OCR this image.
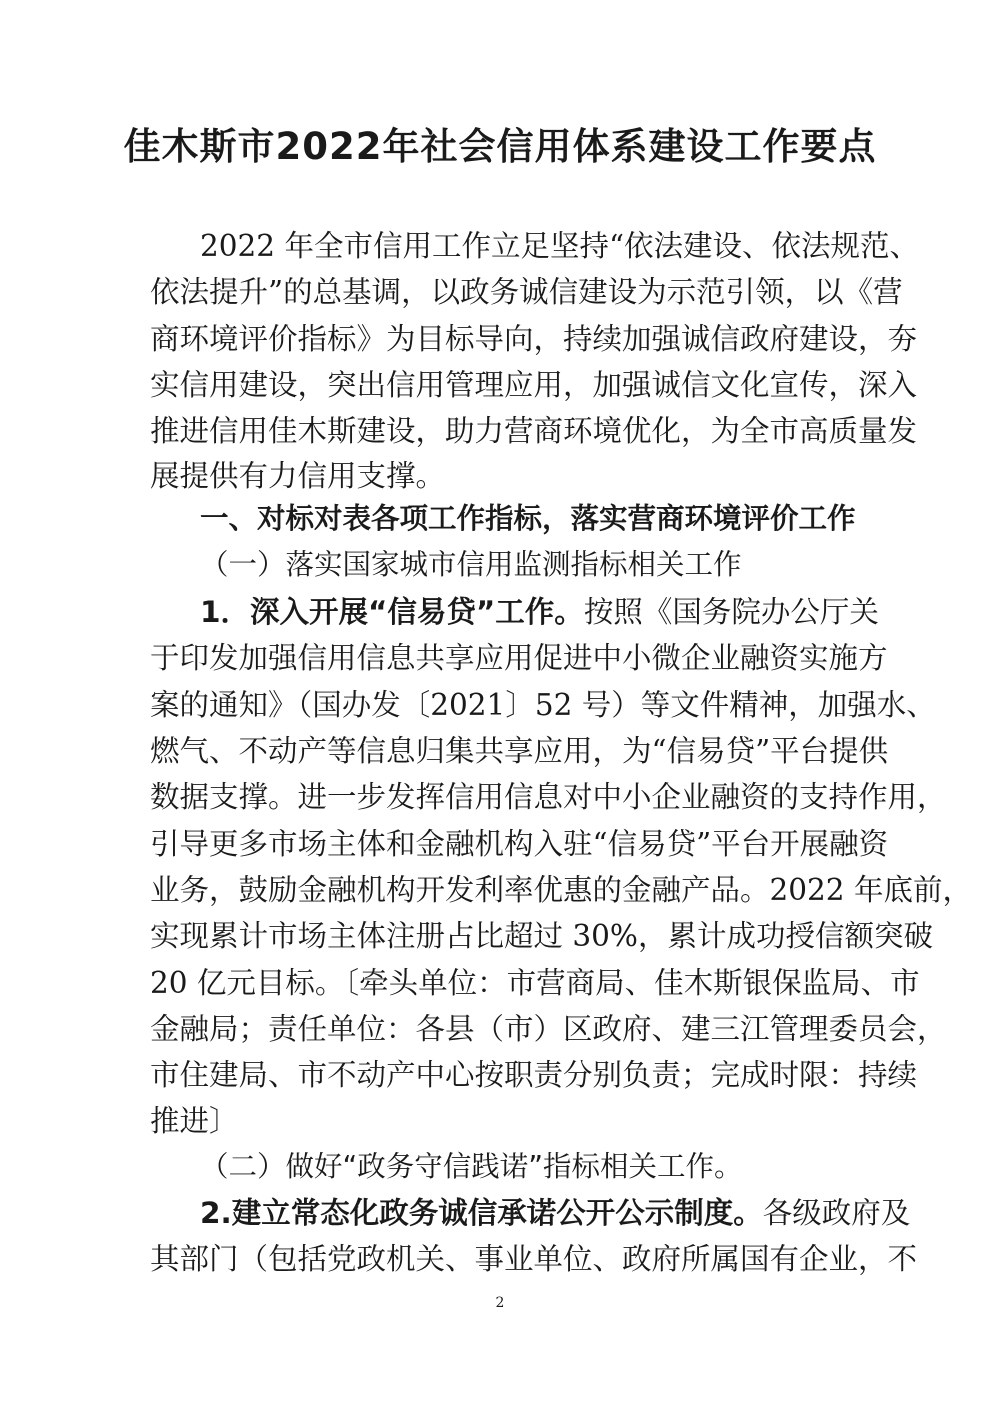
佳木斯市2022年社会信用体系建设工作要点

2022 年全市信用工作立足坚持“依法建设、依法规范、

依法提升”的总基调，以政务诚信建设为示范引领，以《营

商环境评价指标》为目标导向，持续加强诚信政府建设，夯

实信用建设，突出信用管理应用，加强诚信文化宣传，深入

推进信用佳木斯建设，助力营商环境优化，为全市高质量发

展提供有力信用支撑。

一、对标对表各项工作指标，落实营商环境评价工作

（一）落实国家城市信用监测指标相关工作

1．深入开展“信易贷”工作。按照《国务院办公厅关

于印发加强信用信息共享应用促进中小微企业融资实施方

案的通知》（国办发〔2021〕52 号）等文件精神，加强水、

燃气、不动产等信息归集共享应用，为“信易贷”平台提供

数据支撑。进一步发挥信用信息对中小企业融资的支持作用，

引导更多市场主体和金融机构入驻“信易贷”平台开展融资

业务，鼓励金融机构开发利率优惠的金融产品。2022 年底前，

实现累计市场主体注册占比超过 30%，累计成功授信额突破

20 亿元目标。〔牵头单位：市营商局、佳木斯银保监局、市

金融局；责任单位：各县（市）区政府、建三江管理委员会，

市住建局、市不动产中心按职责分别负责；完成时限：持续

推进〕

（二）做好“政务守信践诺”指标相关工作。

2.建立常态化政务诚信承诺公开公示制度。各级政府及

其部门（包括党政机关、事业单位、政府所属国有企业，不

2
